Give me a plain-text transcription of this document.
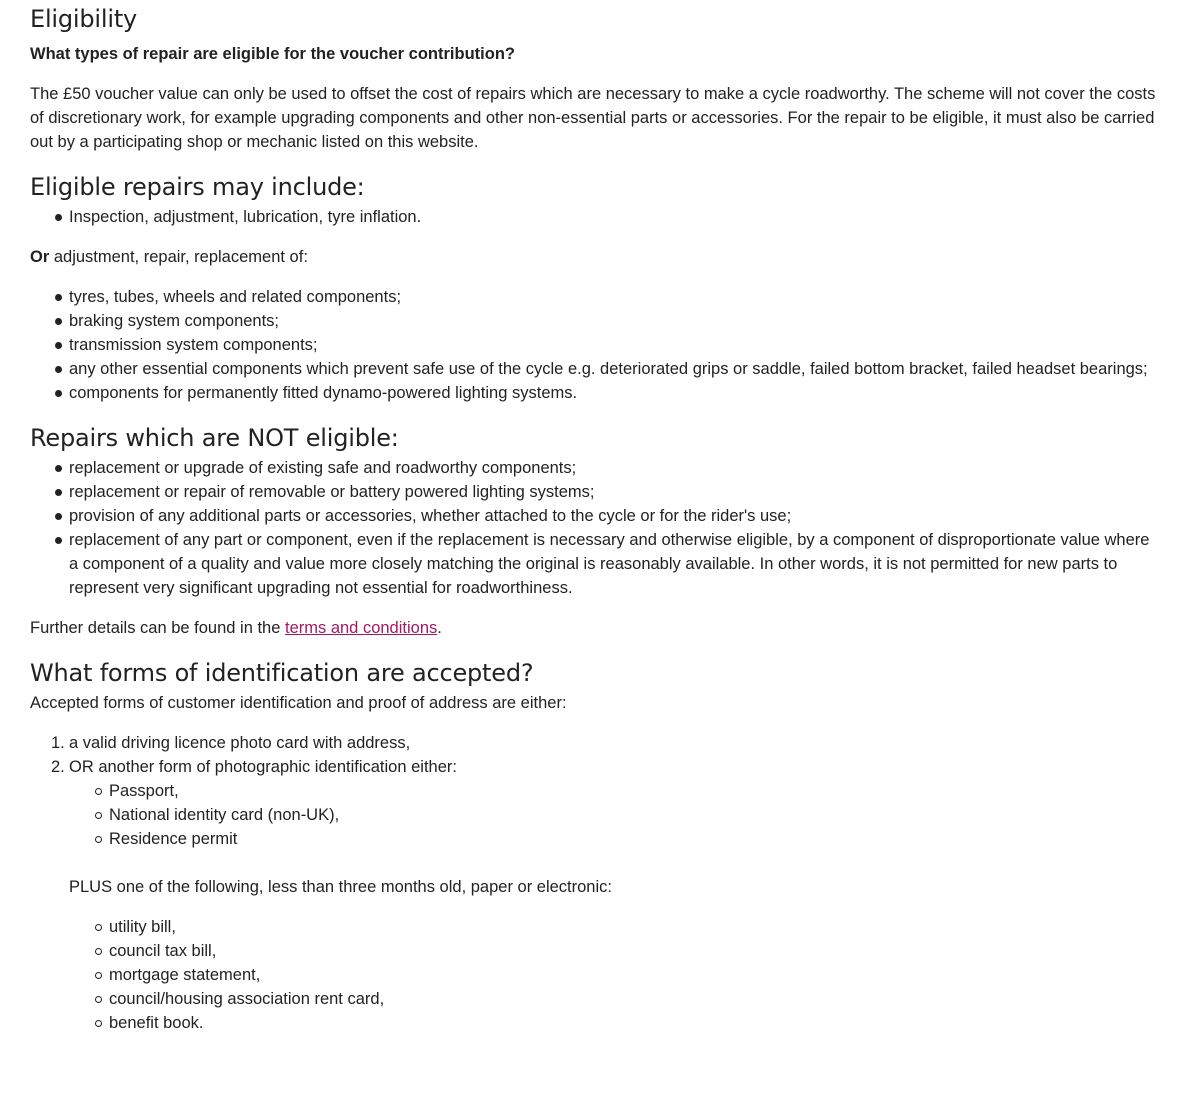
Eligibility

What types of repair are eligible for the voucher contribution?

The £50 voucher value can only be used to offset the cost of repairs which are necessary to make a cycle roadworthy. The scheme will not cover the costs of discretionary work, for example upgrading components and other non-essential parts or accessories. For the repair to be eligible, it must also be carried out by a participating shop or mechanic listed on this website.

Eligible repairs may include:
Inspection, adjustment, lubrication, tyre inflation.

Or adjustment, repair, replacement of:

tyres, tubes, wheels and related components;
braking system components;
transmission system components;
any other essential components which prevent safe use of the cycle e.g. deteriorated grips or saddle, failed bottom bracket, failed headset bearings;
components for permanently fitted dynamo-powered lighting systems.
Repairs which are NOT eligible:
replacement or upgrade of existing safe and roadworthy components;
replacement or repair of removable or battery powered lighting systems;
provision of any additional parts or accessories, whether attached to the cycle or for the rider's use;
replacement of any part or component, even if the replacement is necessary and otherwise eligible, by a component of disproportionate value where a component of a quality and value more closely matching the original is reasonably available. In other words, it is not permitted for new parts to represent very significant upgrading not essential for roadworthiness.

Further details can be found in the terms and conditions.

What forms of identification are accepted?

Accepted forms of customer identification and proof of address are either:

1. a valid driving licence photo card with address,
2. OR another form of photographic identification either:
Passport,
National identity card (non-UK),
Residence permit

PLUS one of the following, less than three months old, paper or electronic:

utility bill,
council tax bill,
mortgage statement,
council/housing association rent card,
benefit book.
